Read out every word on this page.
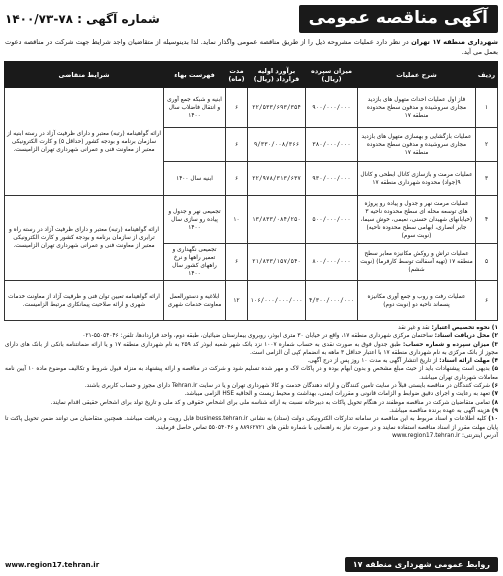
آگهی مناقصه عمومی
شماره آگهی : ۷۸-۱۴۰۰/۷۳
شهرداری منطقه ۱۷ تهران در نظر دارد عملیات مشروحه ذیل را از طریق مناقصه عمومی واگذار نماید. لذا بدینوسیله از متقاضیان واجد شرایط جهت شرکت در مناقصه دعوت بعمل می آید.
ردیف	شرح عملیات	میزان سپرده (ریال)	برآورد اولیه قرارداد (ریال)	مدت (ماه)	فهرست بهاء	شرایط متقاضی
۱	فاز اول عملیات احداث متهول های بازدید مجاری سروشیده و مدفون سطح محدوده منطقه ۱۷	۹۰۰/۰۰۰/۰۰۰	۲۲/۵۳۳/۶۹۳/۳۵۴	۶	ابنیه و شبکه جمع آوری و انتقال فاضلاب سال ۱۴۰۰	ارائه گواهینامه (رتبه) معتبر و دارای ظرفیت آزاد در رسته ابنیه از سازمان برنامه و بودجه کشور (حداقل ۵) و کارت الکترونیکی معتبر از معاونت فنی و عمرانی شهرداری تهران الزامیست.
۲	عملیات بازگشایی و بهسازی متهول های بازدید مجاری سروشیده و مدفون سطح محدوده منطقه ۱۷	۳۸۰/۰۰۰/۰۰۰	۹/۳۳۰/۰۰۸/۳۶۶	۶		
۳	عملیات مرمت و بازسازی کانال ابطحی و کانال ۹(جواد) محدوده شهرداری منطقه ۱۷	۹۳۰/۰۰۰/۰۰۰	۲۲/۹۷۸/۳۱۳/۶۳۷	۶	ابنیه سال ۱۴۰۰	
۴	عملیات مرمت نهر و جدول و پیاده رو پروژه های توسعه محله ای سطح محدوده ناحیه ۳ (خیابانهای شهیدان حسنی، نعیمی، خوش سیما، جابر انصاری، ابهامی سطح محدوده ناحیه) (نوبت سوم)	۵۰۰/۰۰۰/۰۰۰	۱۳/۸۳۳/۰۸۴/۲۵۰	۱۰	تجمیعی نهر و جدول و پیاده رو سازی سال ۱۴۰۰	ارائه گواهینامه (رتبه) معتبر و دارای ظرفیت آزاد در رسته راه و ترابری از سازمان برنامه و بودجه کشور و کارت الکترونیکی معتبر از معاونت فنی و عمرانی شهرداری تهران الزامیست.
۵	عملیات تراش و روکش مکانیزه معابر سطح منطقه ۱۷ (تهیه آسفالت توسط کارفرما) (نوبت ششم)	۸۰۰/۰۰۰/۰۰۰	۲۱/۸۳۳/۱۵۷/۵۴۰	۶	تجمیعی نگهداری و تعمیر راهها و نرخ راههای کشور سال ۱۴۰۰	
۶	عملیات رفت و روب و جمع آوری مکانیزه پسماند ناحیه دو (نوبت دوم)	۴/۳۰۰/۰۰۰/۰۰۰	۱۰۶/۰۰۰/۰۰۰/۰۰۰	۱۲	ابلاغیه و دستورالعمل معاونت خدمات شهری	ارائه گواهینامه تعیین توان فنی و ظرفیت آزاد از معاونت خدمات شهری و ارائه صلاحیت پیمانکاری مرتبط الزامیست.

۱) نحوه تخصیص اعتبار: نقد و غیر نقد

۲) محل دریافت اسناد: ساختمان مرکزی شهرداری منطقه ۱۷، واقع در خیابان ۳۰ متری ابوذر، روبروی بیمارستان ضیائیان، طبقه دوم، واحد قراردادها، تلفن: ۵۵۰۵۴۰۴۶-۰۲۱

۳) میزان سپرده و شماره حساب: طبق جدول فوق به صورت نقدی به حساب شماره ۱۰۰۷ نزد بانک شهر شعبه ابوذر کد ۲۵۹ به نام شهرداری منطقه ۱۷ و یا ارائه ضمانتنامه بانکی از بانک های دارای مجوز از بانک مرکزی به نام شهرداری منطقه ۱۷ با اعتبار حداقل ۳ ماهه به انضمام کپی آن الزامی است.

۴) مهلت ارائه اسناد: از تاریخ انتشار آگهی به مدت ۱۰ روز پس از درج آگهی.

۵) بدیهی است پیشنهادات باید از حیث مبلغ مشخص و بدون ابهام بوده و در پاکات لاک و مهر شده تسلیم شود و شرکت در مناقصه و ارائه پیشنهاد به منزله قبول شروط و تکالیف موضوع ماده ۱۰ آیین نامه معاملات شهرداری تهران میباشد.

۶) شرکت کنندگان در مناقصه بایستی قبلاً در سایت تامین کنندگان و ارائه دهندگان خدمت و کالا شهرداری تهران و یا در سایت Tehran.ir دارای مجوز و حساب کاربری باشند.

۷) تعهد به رعایت و اجرای دقیق ضوابط و الزامات قانونی و مقررات ایمنی، بهداشت و محیط زیست و الحاقیه HSE الزامی میباشد.

۸) تمامی متقاضیان شرکت در مناقصه موظفند در هنگام تحویل پاکات به دبیرخانه نسبت به ارائه شناسه ملی برای اشخاص حقوقی و کد ملی و تاریخ تولد برای اشخاص حقیقی اقدام نمایند.

۹) هزینه آگهی به عهده برنده مناقصه میباشد.

۱۰) کلیه اطلاعات و اسناد مربوط به این مناقصه در سامانه تدارکات الکترونیکی دولت (ستاد) به نشانی business.tehran.ir قابل رویت و دریافت میباشد. همچنین متقاضیان می توانند ضمن تحویل پاکت تا پایان مهلت مقرر از اسناد مناقصه استفاده نمایند و در صورت نیاز به راهنمایی با شماره تلفن های ۸۸۹۶۲۷۲۱ و ۵۵۰۵۴۰۴۶ تماس حاصل فرمایند.

آدرس اینترنتی: www.region17.tehran.ir

روابط عمومی شهرداری منطقه ۱۷
www.region17.tehran.ir
